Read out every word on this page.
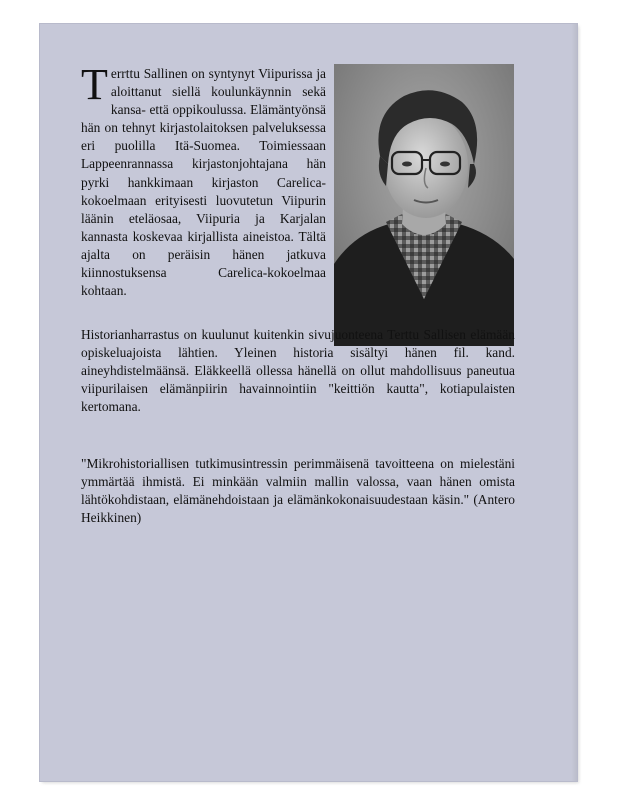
Terrttu Sallinen on syntynyt Viipurissa ja aloittanut siellä koulunkäynnin sekä kansa- että oppikoulussa. Elämäntyönsä hän on tehnyt kirjastolaitoksen palveluksessa eri puolilla Itä-Suomea. Toimiessaan Lappeenrannassa kirjastonjohtajana hän pyrki hankkimaan kirjaston Carelica-kokoelmaan erityisesti luovutetun Viipurin läänin eteläosaa, Viipuria ja Karjalan kannasta koskevaa kirjallista aineistoa. Tältä ajalta on peräisin hänen jatkuva kiinnostuksensa Carelica-kokoelmaa kohtaan.

Historianharrastus on kuulunut kuitenkin sivujuonteena Terttu Sallisen elämään opiskeluajoista lähtien. Yleinen historia sisältyi hänen fil. kand. aineyhdistelmäänsä. Eläkkeellä ollessa hänellä on ollut mahdollisuus paneutua viipurilaisen elämänpiirin havainnointiin "keittiön kautta", kotiapulaisten kertomana.

"Mikrohistoriallisen tutkimusintressin perimmäisenä tavoitteena on mielestäni ymmärtää ihmistä. Ei minkään valmiin mallin valossa, vaan hänen omista lähtökohdistaan, elämänehdoistaan ja elämänkokonaisuudestaan käsin." (Antero Heikkinen)
